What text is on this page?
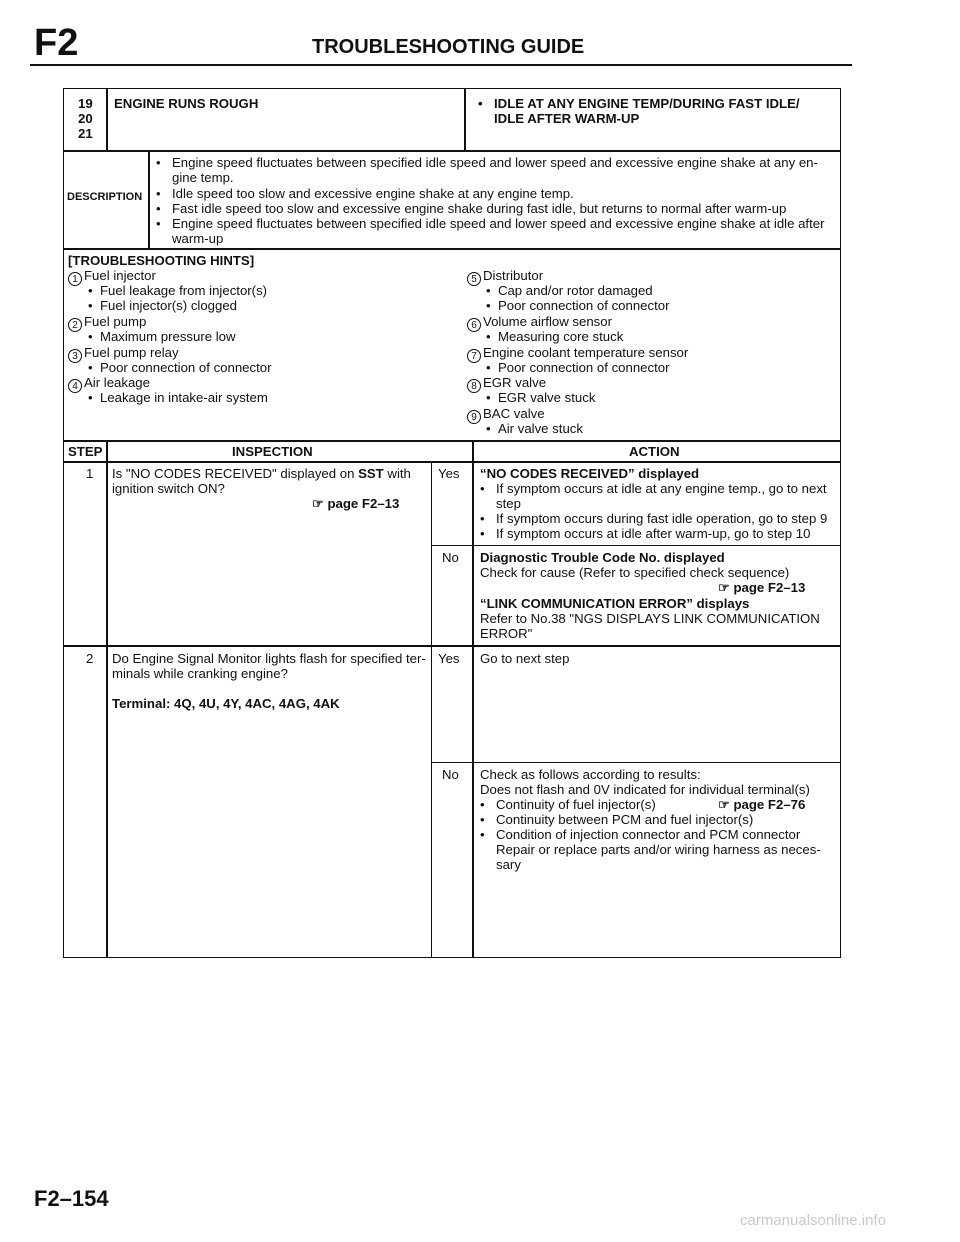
F2	TROUBLESHOOTING GUIDE
19
20
21
ENGINE RUNS ROUGH	• IDLE AT ANY ENGINE TEMP/DURING FAST IDLE/
IDLE AFTER WARM-UP
DESCRIPTION
• Engine speed fluctuates between specified idle speed and lower speed and excessive engine shake at any en-
gine temp.
• Idle speed too slow and excessive engine shake at any engine temp.
• Fast idle speed too slow and excessive engine shake during fast idle, but returns to normal after warm-up
• Engine speed fluctuates between specified idle speed and lower speed and excessive engine shake at idle after
warm-up
[TROUBLESHOOTING HINTS]
1 Fuel injector
•  Fuel leakage from injector(s)
•  Fuel injector(s) clogged
2 Fuel pump
•  Maximum pressure low
3 Fuel pump relay
•  Poor connection of connector
4 Air leakage
•  Leakage in intake-air system
5 Distributor
•  Cap and/or rotor damaged
•  Poor connection of connector
6 Volume airflow sensor
•  Measuring core stuck
7 Engine coolant temperature sensor
•  Poor connection of connector
8 EGR valve
•  EGR valve stuck
9 BAC valve
•  Air valve stuck
STEP	INSPECTION	ACTION
1 Is "NO CODES RECEIVED" displayed on SST with
ignition switch ON?
☞ page F2–13
Yes “NO CODES RECEIVED” displayed
• If symptom occurs at idle at any engine temp., go to next
step
• If symptom occurs during fast idle operation, go to step 9
• If symptom occurs at idle after warm-up, go to step 10
No Diagnostic Trouble Code No. displayed
Check for cause (Refer to specified check sequence)
☞ page F2–13
“LINK COMMUNICATION ERROR” displays
Refer to No.38 "NGS DISPLAYS LINK COMMUNICATION
ERROR"
2 Do Engine Signal Monitor lights flash for specified ter-
minals while cranking engine?
Terminal: 4Q, 4U, 4Y, 4AC, 4AG, 4AK
Yes Go to next step
No Check as follows according to results:
Does not flash and 0V indicated for individual terminal(s)
• Continuity of fuel injector(s)	☞ page F2–76
• Continuity between PCM and fuel injector(s)
• Condition of injection connector and PCM connector
Repair or replace parts and/or wiring harness as neces-
sary
F2–154
carmanualsonline.info
